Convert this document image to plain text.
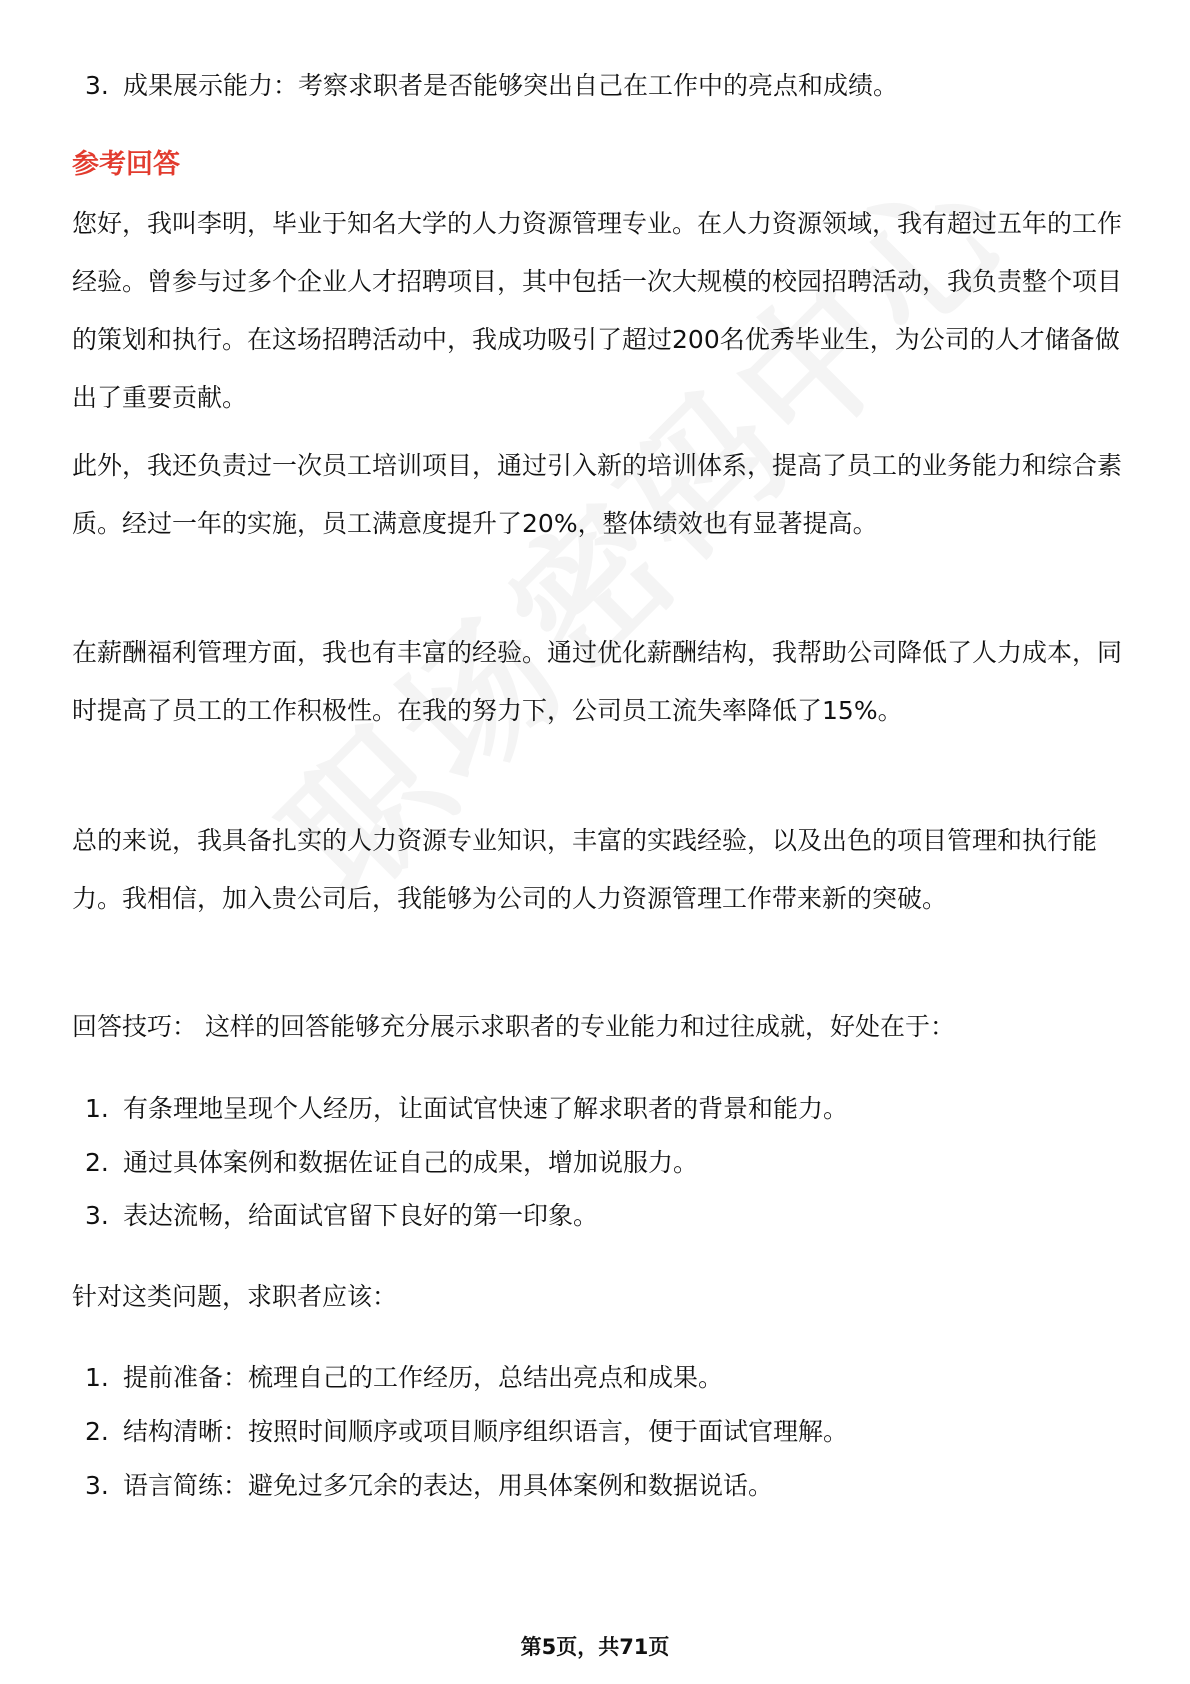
3. 成果展示能力：考察求职者是否能够突出自己在工作中的亮点和成绩。
参考回答
您好，我叫李明，毕业于知名大学的人力资源管理专业。在人力资源领域，我有超过五年的工作经验。曾参与过多个企业人才招聘项目，其中包括一次大规模的校园招聘活动，我负责整个项目的策划和执行。在这场招聘活动中，我成功吸引了超过200名优秀毕业生，为公司的人才储备做出了重要贡献。
此外，我还负责过一次员工培训项目，通过引入新的培训体系，提高了员工的业务能力和综合素质。经过一年的实施，员工满意度提升了20%，整体绩效也有显著提高。
在薪酬福利管理方面，我也有丰富的经验。通过优化薪酬结构，我帮助公司降低了人力成本，同时提高了员工的工作积极性。在我的努力下，公司员工流失率降低了15%。
总的来说，我具备扎实的人力资源专业知识，丰富的实践经验，以及出色的项目管理和执行能力。我相信，加入贵公司后，我能够为公司的人力资源管理工作带来新的突破。
回答技巧： 这样的回答能够充分展示求职者的专业能力和过往成就，好处在于：
1. 有条理地呈现个人经历，让面试官快速了解求职者的背景和能力。
2. 通过具体案例和数据佐证自己的成果，增加说服力。
3. 表达流畅，给面试官留下良好的第一印象。
针对这类问题，求职者应该：
1. 提前准备：梳理自己的工作经历，总结出亮点和成果。
2. 结构清晰：按照时间顺序或项目顺序组织语言，便于面试官理解。
3. 语言简练：避免过多冗余的表达，用具体案例和数据说话。
第5页，共71页
